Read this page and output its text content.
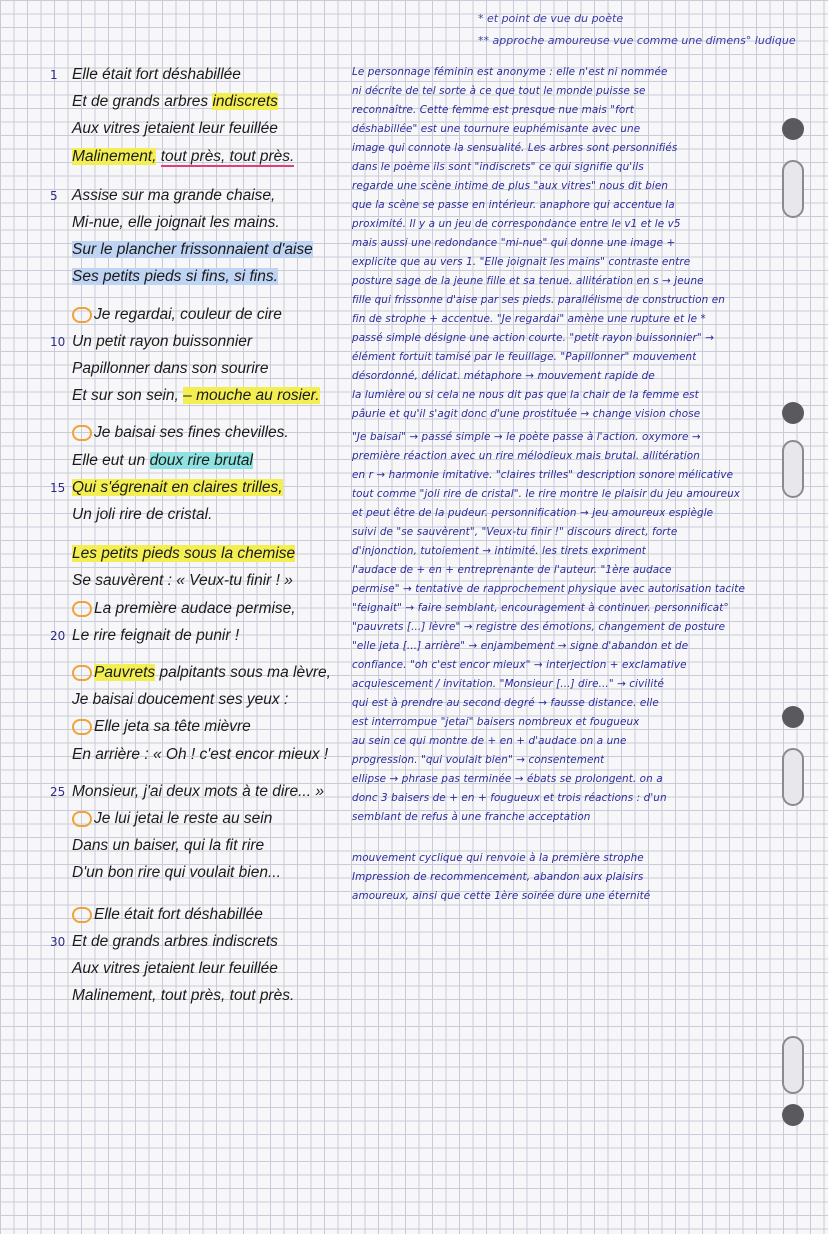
* et point de vue du poète
** approche amoureuse vue comme une dimens° ludique
1 Elle était fort déshabillée
Et de grands arbres indiscrets
Aux vitres jetaient leur feuillée
Malinement, tout près, tout près.
5 Assise sur ma grande chaise,
Mi-nue, elle joignait les mains.
Sur le plancher frissonnaient d'aise
Ses petits pieds si fins, si fins.
Je regardai, couleur de cire
10 Un petit rayon buissonnier
Papillonner dans son sourire
Et sur son sein, – mouche au rosier.
Je baisai ses fines chevilles.
Elle eut un doux rire brutal
15 Qui s'égrenait en claires trilles,
Un joli rire de cristal.
Les petits pieds sous la chemise
Se sauvèrent : « Veux-tu finir ! »
La première audace permise,
20 Le rire feignait de punir !
Pauvrets palpitants sous ma lèvre,
Je baisai doucement ses yeux :
Elle jeta sa tête mièvre
En arrière : « Oh ! c'est encor mieux !
25 Monsieur, j'ai deux mots à te dire... »
Je lui jetai le reste au sein
Dans un baiser, qui la fit rire
D'un bon rire qui voulait bien...
Elle était fort déshabillée
30 Et de grands arbres indiscrets
Aux vitres jetaient leur feuillée
Malinement, tout près, tout près.
Le personnage féminin est anonyme : elle n'est ni nommée
ni décrite de tel sorte à ce que tout le monde puisse se
reconnaître. Cette femme est presque nue mais "fort
déshabillée" est une tournure euphémisante avec une
image qui connote la sensualité. Les arbres sont personnifiés
dans le poème ils sont "indiscrets" ce qui signifie qu'ils
regarde une scène intime de plus "aux vitres" nous dit bien
que la scène se passe en intérieur. anaphore qui accentue la
proximité. Il y a un jeu de correspondance entre le v1 et le v5
mais aussi une redondance "mi-nue" qui donne une image +
explicite que au vers 1. "Elle joignait les mains" contraste entre
posture sage de la jeune fille et sa tenue. allitération en s → jeune
fille qui frissonne d'aise par ses pieds. parallélisme de construction en
fin de strophe + accentue. "Je regardai" amène une rupture et le *
passé simple désigne une action courte. "petit rayon buissonnier" →
élément fortuit tamisé par le feuillage. "Papillonner" mouvement
désordonné, délicat. métaphore → mouvement rapide de
la lumière ou si cela ne nous dit pas que la chair de la femme est
pâurie et qu'il s'agit donc d'une prostituée → change vision chose
"Je baisai" → passé simple → le poète passe à l'action. oxymore →
première réaction avec un rire mélodieux mais brutal. allitération
en r → harmonie imitative. "claires trilles" description sonore mélicative
tout comme "joli rire de cristal". le rire montre le plaisir du jeu amoureux
et peut être de la pudeur. personnification → jeu amoureux espiègle
suivi de "se sauvèrent", "Veux-tu finir !" discours direct, forte
d'injonction, tutoiement → intimité. les tirets expriment
l'audace de + en + entreprenante de l'auteur. "1ère audace
permise" → tentative de rapprochement physique avec autorisation tacite
"feignait" → faire semblant, encouragement à continuer. personnificat°
"pauvrets [...] lèvre" → registre des émotions, changement de posture
"elle jeta [...] arrière" → enjambement → signe d'abandon et de
confiance. "oh c'est encor mieux" → interjection + exclamative
acquiescement / invitation. "Monsieur [...] dire..." → civilité
qui est à prendre au second degré → fausse distance. elle
est interrompue "jetai" baisers nombreux et fougueux
au sein ce qui montre de + en + d'audace on a une
progression. "qui voulait bien" → consentement
ellipse → phrase pas terminée → ébats se prolongent. on a
donc 3 baisers de + en + fougueux et trois réactions : d'un
semblant de refus à une franche acceptation
mouvement cyclique qui renvoie à la première strophe
Impression de recommencement, abandon aux plaisirs
amoureux, ainsi que cette 1ère soirée dure une éternité
